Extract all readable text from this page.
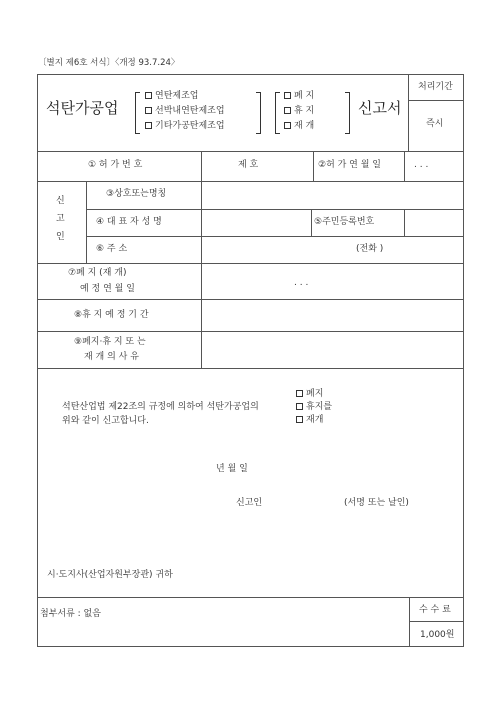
〔별지 제6호 서식〕〈개정 93.7.24〉
석탄가공업
연탄제조업
선박내연탄제조업
기타가공탄제조업
폐 지
휴 지
재 개
신고서
처리기간
즉시
① 허 가 번 호	제 호	②허 가 연 월 일	. . .
신
고
인
③상호또는명칭
④ 대 표 자 성 명	⑤주민등록번호
⑥ 주 소	(전화 )
⑦폐 지 (재 개)
예 정 연 월 일
. . .
⑧휴 지 예 정 기 간
⑨폐지·휴 지 또 는
재 개 의 사 유
석탄산업법 제22조의 규정에 의하여 석탄가공업의
위와 같이 신고합니다.
폐지
휴지를
재개
년 월 일
신고인	(서명 또는 날인)
시·도지사(산업자원부장관) 귀하
첨부서류 : 없음	수 수 료
1,000원
